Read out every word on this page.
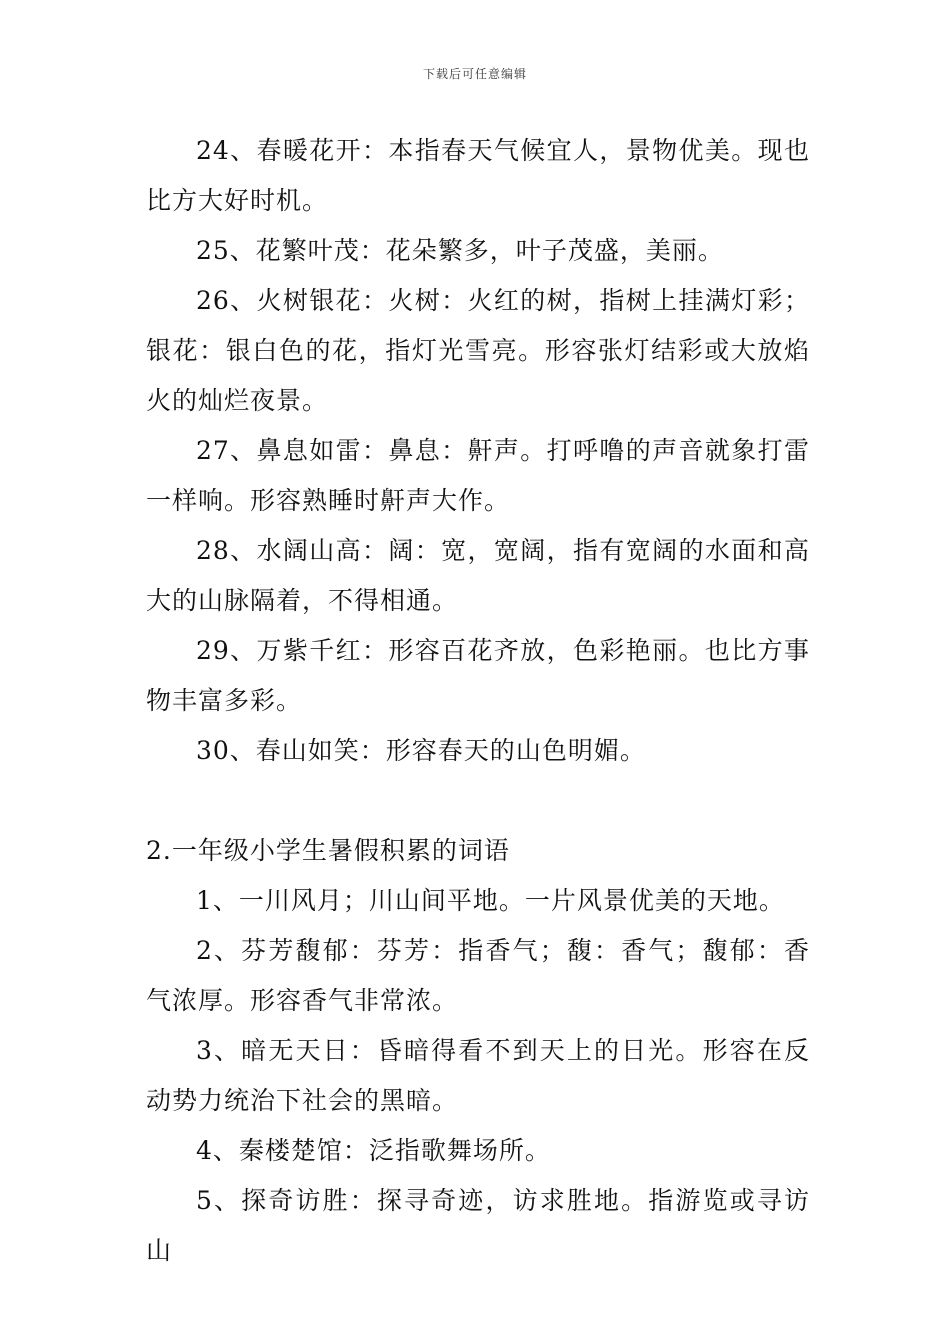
下载后可任意编辑

24、春暖花开：本指春天气候宜人，景物优美。现也比方大好时机。

25、花繁叶茂：花朵繁多，叶子茂盛，美丽。

26、火树银花：火树：火红的树，指树上挂满灯彩；银花：银白色的花，指灯光雪亮。形容张灯结彩或大放焰火的灿烂夜景。

27、鼻息如雷：鼻息：鼾声。打呼噜的声音就象打雷一样响。形容熟睡时鼾声大作。

28、水阔山高：阔：宽，宽阔，指有宽阔的水面和高大的山脉隔着，不得相通。

29、万紫千红：形容百花齐放，色彩艳丽。也比方事物丰富多彩。

30、春山如笑：形容春天的山色明媚。

2.一年级小学生暑假积累的词语

1、一川风月；川山间平地。一片风景优美的天地。

2、芬芳馥郁：芬芳：指香气；馥：香气；馥郁：香气浓厚。形容香气非常浓。

3、暗无天日：昏暗得看不到天上的日光。形容在反动势力统治下社会的黑暗。

4、秦楼楚馆：泛指歌舞场所。

5、探奇访胜：探寻奇迹，访求胜地。指游览或寻访山
